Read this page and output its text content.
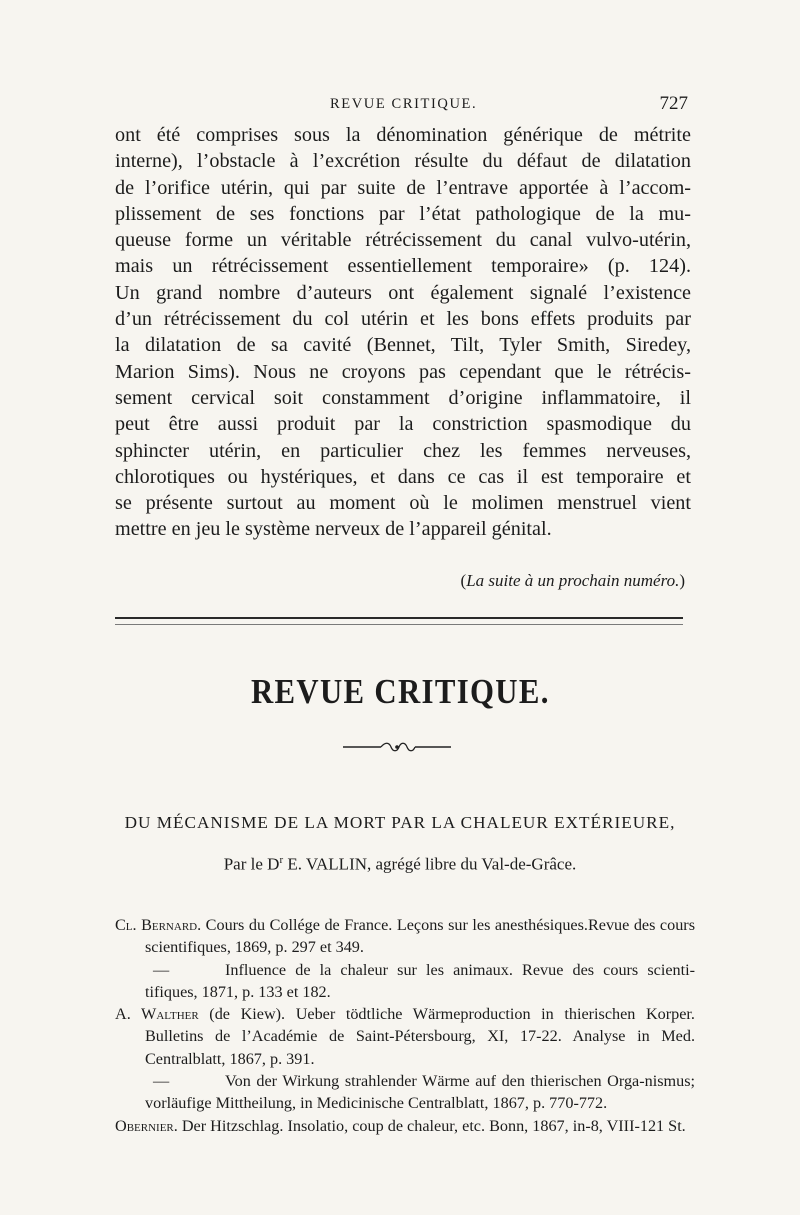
REVUE CRITIQUE.	727

ont été comprises sous la dénomination générique de métrite
interne), l’obstacle à l’excrétion résulte du défaut de dilatation
de l’orifice utérin, qui par suite de l’entrave apportée à l’accom-
plissement de ses fonctions par l’état pathologique de la mu-
queuse forme un véritable rétrécissement du canal vulvo-utérin,
mais un rétrécissement essentiellement temporaire» (p. 124).
Un grand nombre d’auteurs ont également signalé l’existence
d’un rétrécissement du col utérin et les bons effets produits par
la dilatation de sa cavité (Bennet, Tilt, Tyler Smith, Siredey,
Marion Sims). Nous ne croyons pas cependant que le rétrécis-
sement cervical soit constamment d’origine inflammatoire, il
peut être aussi produit par la constriction spasmodique du
sphincter utérin, en particulier chez les femmes nerveuses,
chlorotiques ou hystériques, et dans ce cas il est temporaire et
se présente surtout au moment où le molimen menstruel vient
mettre en jeu le système nerveux de l’appareil génital.

(La suite à un prochain numéro.)
REVUE CRITIQUE.
DU MÉCANISME DE LA MORT PAR LA CHALEUR EXTÉRIEURE,
Par le $D^r$ E. VALLIN, agrégé libre du Val-de-Grâce.

Cl. Bernard. Cours du Collége de France. Leçons sur les anesthésiques.Revue des cours scientifiques, 1869, p. 297 et 349.

—	Influence de la chaleur sur les animaux. Revue des cours scienti-tifiques, 1871, p. 133 et 182.

A. Walther (de Kiew). Ueber tödtliche Wärmeproduction in thierischen Korper. Bulletins de l’Académie de Saint-Pétersbourg, XI, 17-22. Analyse in Med. Centralblatt, 1867, p. 391.

—	Von der Wirkung strahlender Wärme auf den thierischen Orga-nismus; vorläufige Mittheilung, in Medicinische Centralblatt, 1867, p. 770-772.

Obernier. Der Hitzschlag. Insolatio, coup de chaleur, etc. Bonn, 1867, in-8, VIII-121 St.
